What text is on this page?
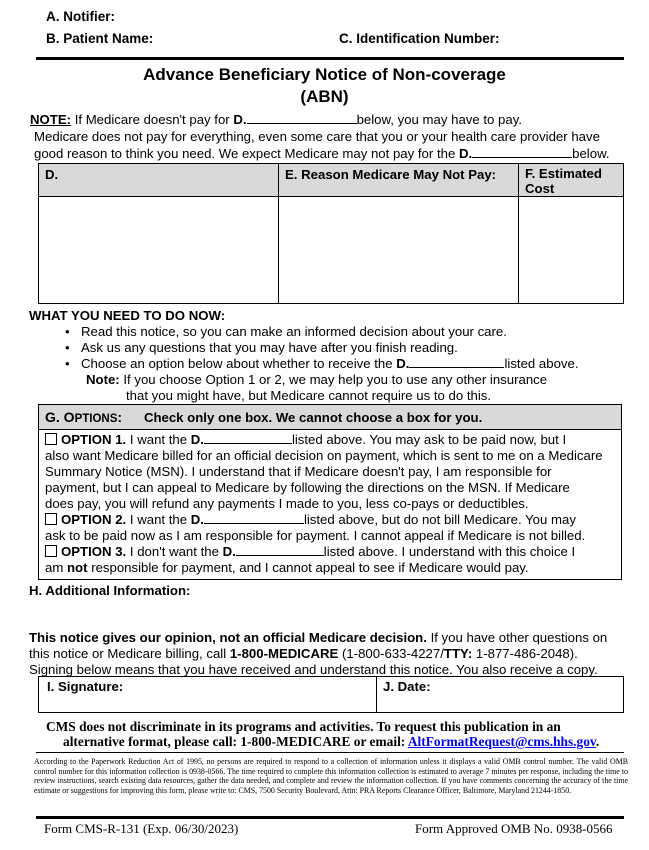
A. Notifier:
B. Patient Name:	C. Identification Number:
Advance Beneficiary Notice of Non-coverage
(ABN)
NOTE: If Medicare doesn't pay for D.	below, you may have to pay.
Medicare does not pay for everything, even some care that you or your health care provider have
good reason to think you need. We expect Medicare may not pay for the D.	below.
D.	E. Reason Medicare May Not Pay: F. Estimated
Cost
WHAT YOU NEED TO DO NOW:
• Read this notice, so you can make an informed decision about your care.
• Ask us any questions that you may have after you finish reading.
• Choose an option below about whether to receive the D.	listed above.
Note: If you choose Option 1 or 2, we may help you to use any other insurance
that you might have, but Medicare cannot require us to do this.
G. OPTIONS: Check only one box. We cannot choose a box for you.
OPTION 1. I want the D.	listed above. You may ask to be paid now, but I
also want Medicare billed for an official decision on payment, which is sent to me on a Medicare
Summary Notice (MSN). I understand that if Medicare doesn't pay, I am responsible for
payment, but I can appeal to Medicare by following the directions on the MSN. If Medicare
does pay, you will refund any payments I made to you, less co-pays or deductibles.
OPTION 2. I want the D.	listed above, but do not bill Medicare. You may
ask to be paid now as I am responsible for payment. I cannot appeal if Medicare is not billed.
OPTION 3. I don't want the D.	listed above. I understand with this choice I
am not responsible for payment, and I cannot appeal to see if Medicare would pay.
H. Additional Information:
This notice gives our opinion, not an official Medicare decision. If you have other questions on
this notice or Medicare billing, call 1-800-MEDICARE (1-800-633-4227/TTY: 1-877-486-2048).
Signing below means that you have received and understand this notice. You also receive a copy.
I. Signature:	J. Date:
CMS does not discriminate in its programs and activities. To request this publication in an
alternative format, please call: 1-800-MEDICARE or email: AltFormatRequest@cms.hhs.gov.
According to the Paperwork Reduction Act of 1995, no persons are required to respond to a collection of information unless it displays a valid OMB control number. The valid OMB control number for this information collection is 0938-0566. The time required to complete this information collection is estimated to average 7 minutes per response, including the time to review instructions, search existing data resources, gather the data needed, and complete and review the information collection. If you have comments concerning the accuracy of the time estimate or suggestions for improving this form, please write to: CMS, 7500 Security Boulevard, Attn: PRA Reports Clearance Officer, Baltimore, Maryland 21244-1850.
Form CMS-R-131 (Exp. 06/30/2023)	Form Approved OMB No. 0938-0566
